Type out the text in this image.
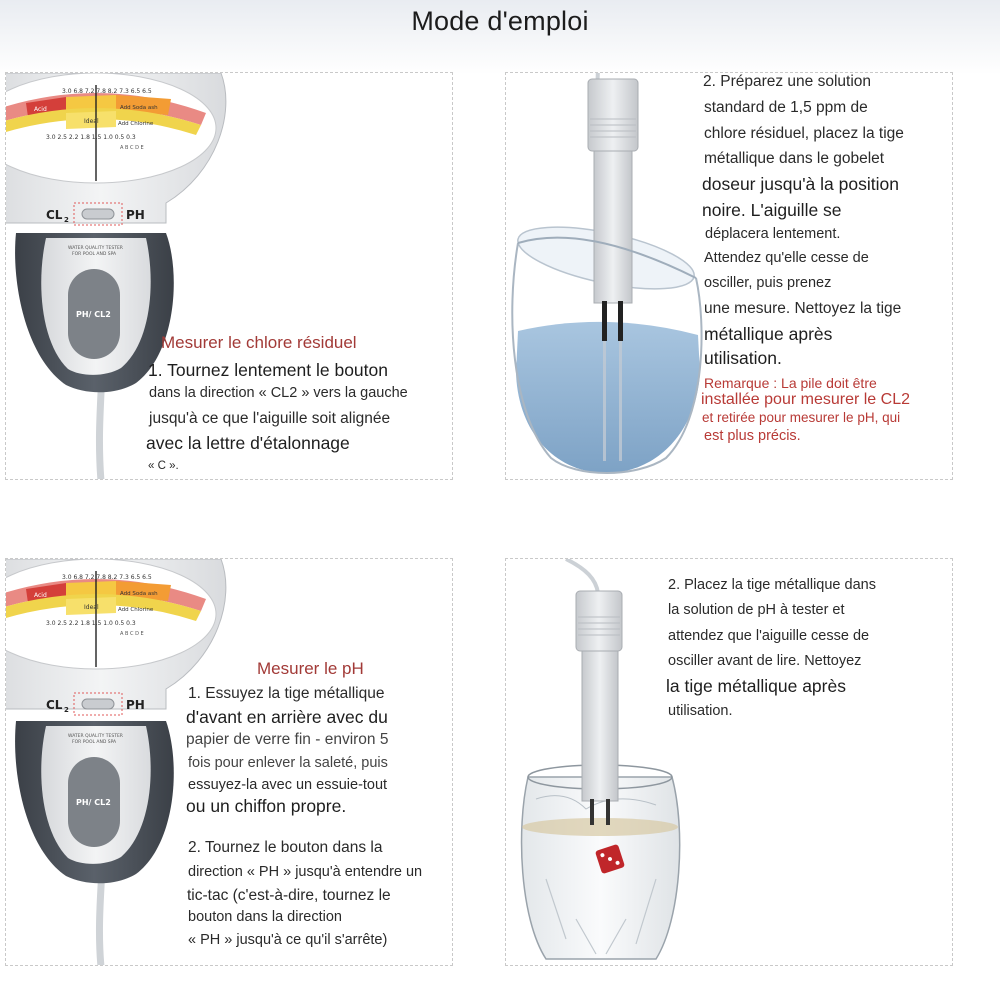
Mode d'emploi
3.0 6.8 7.2 7.8 8.2 7.3 6.5 6.5
Acid
Ideal
Add Soda ash
Add Chlorine
3.0 2.5 2.2 1.8 1.5 1.0 0.5 0.3
A B C D E
CL 2	PH
WATER QUALITY TESTER
FOR POOL AND SPA
PH/ CL2

Mesurer le chlore résiduel

1. Tournez lentement le bouton

dans la direction « CL2 » vers la gauche

jusqu'à ce que l'aiguille soit alignée

avec la lettre d'étalonnage

« C ».

2. Préparez une solution

standard de 1,5 ppm de

chlore résiduel, placez la tige

métallique dans le gobelet

doseur jusqu'à la position

noire. L'aiguille se

déplacera lentement.

Attendez qu'elle cesse de

osciller, puis prenez

une mesure. Nettoyez la tige

métallique après

utilisation.

Remarque : La pile doit être

installée pour mesurer le CL2

et retirée pour mesurer le pH, qui

est plus précis.

3.0 6.8 7.2 7.8 8.2 7.3 6.5 6.5
Acid
Ideal
Add Soda ash
Add Chlorine
3.0 2.5 2.2 1.8 1.5 1.0 0.5 0.3
A B C D E
CL 2	PH
WATER QUALITY TESTER
FOR POOL AND SPA
PH/ CL2

Mesurer le pH

1. Essuyez la tige métallique

d'avant en arrière avec du

papier de verre fin - environ 5

fois pour enlever la saleté, puis

essuyez-la avec un essuie-tout

ou un chiffon propre.

2. Tournez le bouton dans la

direction « PH » jusqu'à entendre un

tic-tac (c'est-à-dire, tournez le

bouton dans la direction

« PH » jusqu'à ce qu'il s'arrête)

2. Placez la tige métallique dans

la solution de pH à tester et

attendez que l'aiguille cesse de

osciller avant de lire. Nettoyez

la tige métallique après

utilisation.
